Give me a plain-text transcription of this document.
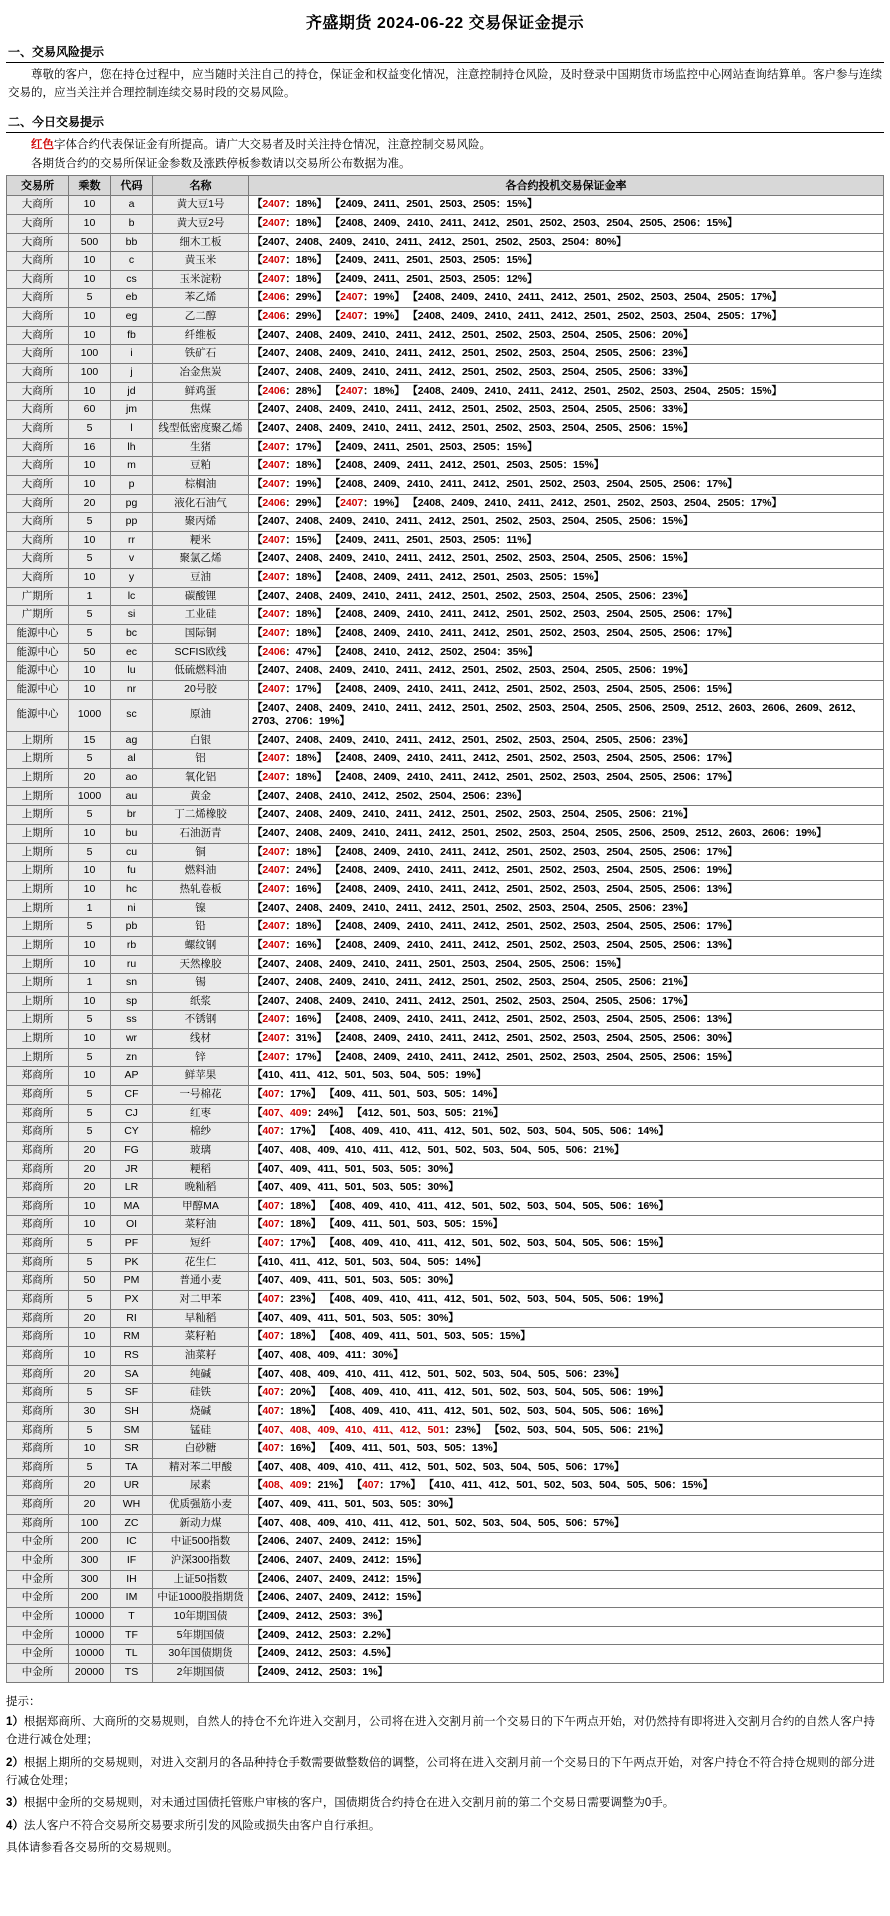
齐盛期货 2024-06-22 交易保证金提示
一、交易风险提示
尊敬的客户，您在持仓过程中，应当随时关注自己的持仓，保证金和权益变化情况，注意控制持仓风险，及时登录中国期货市场监控中心网站查询结算单。客户参与连续交易的，应当关注并合理控制连续交易时段的交易风险。
二、今日交易提示
红色字体合约代表保证金有所提高。请广大交易者及时关注持仓情况，注意控制交易风险。
各期货合约的交易所保证金参数及涨跌停板参数请以交易所公布数据为准。
交易所	乘数	代码	名称	各合约投机交易保证金率
大商所	10	a	黄大豆1号	【2407：18%】 【2409、2411、2501、2503、2505：15%】
大商所	10	b	黄大豆2号	【2407：18%】 【2408、2409、2410、2411、2412、2501、2502、2503、2504、2505、2506：15%】
大商所	500	bb	细木工板	【2407、2408、2409、2410、2411、2412、2501、2502、2503、2504：80%】
大商所	10	c	黄玉米	【2407：18%】 【2409、2411、2501、2503、2505：15%】
大商所	10	cs	玉米淀粉	【2407：18%】 【2409、2411、2501、2503、2505：12%】
大商所	5	eb	苯乙烯	【2406：29%】 【2407：19%】 【2408、2409、2410、2411、2412、2501、2502、2503、2504、2505：17%】
大商所	10	eg	乙二醇	【2406：29%】 【2407：19%】 【2408、2409、2410、2411、2412、2501、2502、2503、2504、2505：17%】
大商所	10	fb	纤维板	【2407、2408、2409、2410、2411、2412、2501、2502、2503、2504、2505、2506：20%】
大商所	100	i	铁矿石	【2407、2408、2409、2410、2411、2412、2501、2502、2503、2504、2505、2506：23%】
大商所	100	j	冶金焦炭	【2407、2408、2409、2410、2411、2412、2501、2502、2503、2504、2505、2506：33%】
大商所	10	jd	鲜鸡蛋	【2406：28%】 【2407：18%】 【2408、2409、2410、2411、2412、2501、2502、2503、2504、2505：15%】
大商所	60	jm	焦煤	【2407、2408、2409、2410、2411、2412、2501、2502、2503、2504、2505、2506：33%】
大商所	5	l	线型低密度聚乙烯	【2407、2408、2409、2410、2411、2412、2501、2502、2503、2504、2505、2506：15%】
大商所	16	lh	生猪	【2407：17%】 【2409、2411、2501、2503、2505：15%】
大商所	10	m	豆粕	【2407：18%】 【2408、2409、2411、2412、2501、2503、2505：15%】
大商所	10	p	棕榈油	【2407：19%】 【2408、2409、2410、2411、2412、2501、2502、2503、2504、2505、2506：17%】
大商所	20	pg	液化石油气	【2406：29%】 【2407：19%】 【2408、2409、2410、2411、2412、2501、2502、2503、2504、2505：17%】
大商所	5	pp	聚丙烯	【2407、2408、2409、2410、2411、2412、2501、2502、2503、2504、2505、2506：15%】
大商所	10	rr	粳米	【2407：15%】 【2409、2411、2501、2503、2505：11%】
大商所	5	v	聚氯乙烯	【2407、2408、2409、2410、2411、2412、2501、2502、2503、2504、2505、2506：15%】
大商所	10	y	豆油	【2407：18%】 【2408、2409、2411、2412、2501、2503、2505：15%】
广期所	1	lc	碳酸锂	【2407、2408、2409、2410、2411、2412、2501、2502、2503、2504、2505、2506：23%】
广期所	5	si	工业硅	【2407：18%】 【2408、2409、2410、2411、2412、2501、2502、2503、2504、2505、2506：17%】
能源中心	5	bc	国际铜	【2407：18%】 【2408、2409、2410、2411、2412、2501、2502、2503、2504、2505、2506：17%】
能源中心	50	ec	SCFIS欧线	【2406：47%】 【2408、2410、2412、2502、2504：35%】
能源中心	10	lu	低硫燃料油	【2407、2408、2409、2410、2411、2412、2501、2502、2503、2504、2505、2506：19%】
能源中心	10	nr	20号胶	【2407：17%】 【2408、2409、2410、2411、2412、2501、2502、2503、2504、2505、2506：15%】
能源中心	1000	sc	原油	【2407、2408、2409、2410、2411、2412、2501、2502、2503、2504、2505、2506、2509、2512、2603、2606、2609、2612、2703、2706：19%】
上期所	15	ag	白银	【2407、2408、2409、2410、2411、2412、2501、2502、2503、2504、2505、2506：23%】
上期所	5	al	铝	【2407：18%】 【2408、2409、2410、2411、2412、2501、2502、2503、2504、2505、2506：17%】
上期所	20	ao	氧化铝	【2407：18%】 【2408、2409、2410、2411、2412、2501、2502、2503、2504、2505、2506：17%】
上期所	1000	au	黄金	【2407、2408、2410、2412、2502、2504、2506：23%】
上期所	5	br	丁二烯橡胶	【2407、2408、2409、2410、2411、2412、2501、2502、2503、2504、2505、2506：21%】
上期所	10	bu	石油沥青	【2407、2408、2409、2410、2411、2412、2501、2502、2503、2504、2505、2506、2509、2512、2603、2606：19%】
上期所	5	cu	铜	【2407：18%】 【2408、2409、2410、2411、2412、2501、2502、2503、2504、2505、2506：17%】
上期所	10	fu	燃料油	【2407：24%】 【2408、2409、2410、2411、2412、2501、2502、2503、2504、2505、2506：19%】
上期所	10	hc	热轧卷板	【2407：16%】 【2408、2409、2410、2411、2412、2501、2502、2503、2504、2505、2506：13%】
上期所	1	ni	镍	【2407、2408、2409、2410、2411、2412、2501、2502、2503、2504、2505、2506：23%】
上期所	5	pb	铅	【2407：18%】 【2408、2409、2410、2411、2412、2501、2502、2503、2504、2505、2506：17%】
上期所	10	rb	螺纹钢	【2407：16%】 【2408、2409、2410、2411、2412、2501、2502、2503、2504、2505、2506：13%】
上期所	10	ru	天然橡胶	【2407、2408、2409、2410、2411、2501、2503、2504、2505、2506：15%】
上期所	1	sn	锡	【2407、2408、2409、2410、2411、2412、2501、2502、2503、2504、2505、2506：21%】
上期所	10	sp	纸浆	【2407、2408、2409、2410、2411、2412、2501、2502、2503、2504、2505、2506：17%】
上期所	5	ss	不锈钢	【2407：16%】 【2408、2409、2410、2411、2412、2501、2502、2503、2504、2505、2506：13%】
上期所	10	wr	线材	【2407：31%】 【2408、2409、2410、2411、2412、2501、2502、2503、2504、2505、2506：30%】
上期所	5	zn	锌	【2407：17%】 【2408、2409、2410、2411、2412、2501、2502、2503、2504、2505、2506：15%】
郑商所	10	AP	鲜苹果	【410、411、412、501、503、504、505：19%】
郑商所	5	CF	一号棉花	【407：17%】 【409、411、501、503、505：14%】
郑商所	5	CJ	红枣	【407、409：24%】 【412、501、503、505：21%】
郑商所	5	CY	棉纱	【407：17%】 【408、409、410、411、412、501、502、503、504、505、506：14%】
郑商所	20	FG	玻璃	【407、408、409、410、411、412、501、502、503、504、505、506：21%】
郑商所	20	JR	粳稻	【407、409、411、501、503、505：30%】
郑商所	20	LR	晚籼稻	【407、409、411、501、503、505：30%】
郑商所	10	MA	甲醇MA	【407：18%】 【408、409、410、411、412、501、502、503、504、505、506：16%】
郑商所	10	OI	菜籽油	【407：18%】 【409、411、501、503、505：15%】
郑商所	5	PF	短纤	【407：17%】 【408、409、410、411、412、501、502、503、504、505、506：15%】
郑商所	5	PK	花生仁	【410、411、412、501、503、504、505：14%】
郑商所	50	PM	普通小麦	【407、409、411、501、503、505：30%】
郑商所	5	PX	对二甲苯	【407：23%】 【408、409、410、411、412、501、502、503、504、505、506：19%】
郑商所	20	RI	早籼稻	【407、409、411、501、503、505：30%】
郑商所	10	RM	菜籽粕	【407：18%】 【408、409、411、501、503、505：15%】
郑商所	10	RS	油菜籽	【407、408、409、411：30%】
郑商所	20	SA	纯碱	【407、408、409、410、411、412、501、502、503、504、505、506：23%】
郑商所	5	SF	硅铁	【407：20%】 【408、409、410、411、412、501、502、503、504、505、506：19%】
郑商所	30	SH	烧碱	【407：18%】 【408、409、410、411、412、501、502、503、504、505、506：16%】
郑商所	5	SM	锰硅	【407、408、409、410、411、412、501：23%】 【502、503、504、505、506：21%】
郑商所	10	SR	白砂糖	【407：16%】 【409、411、501、503、505：13%】
郑商所	5	TA	精对苯二甲酸	【407、408、409、410、411、412、501、502、503、504、505、506：17%】
郑商所	20	UR	尿素	【408、409：21%】 【407：17%】 【410、411、412、501、502、503、504、505、506：15%】
郑商所	20	WH	优质强筋小麦	【407、409、411、501、503、505：30%】
郑商所	100	ZC	新动力煤	【407、408、409、410、411、412、501、502、503、504、505、506：57%】
中金所	200	IC	中证500指数	【2406、2407、2409、2412：15%】
中金所	300	IF	沪深300指数	【2406、2407、2409、2412：15%】
中金所	300	IH	上证50指数	【2406、2407、2409、2412：15%】
中金所	200	IM	中证1000股指期货	【2406、2407、2409、2412：15%】
中金所	10000	T	10年期国债	【2409、2412、2503：3%】
中金所	10000	TF	5年期国债	【2409、2412、2503：2.2%】
中金所	10000	TL	30年国债期货	【2409、2412、2503：4.5%】
中金所	20000	TS	2年期国债	【2409、2412、2503：1%】
提示：

1）根据郑商所、大商所的交易规则，自然人的持仓不允许进入交割月，公司将在进入交割月前一个交易日的下午两点开始，对仍然持有即将进入交割月合约的自然人客户持仓进行减仓处理；

2）根据上期所的交易规则，对进入交割月的各品种持仓手数需要做整数倍的调整，公司将在进入交割月前一个交易日的下午两点开始，对客户持仓不符合持仓规则的部分进行减仓处理；

3）根据中金所的交易规则，对未通过国债托管账户审核的客户，国债期货合约持仓在进入交割月前的第二个交易日需要调整为0手。

4）法人客户不符合交易所交易要求所引发的风险或损失由客户自行承担。

具体请参看各交易所的交易规则。
